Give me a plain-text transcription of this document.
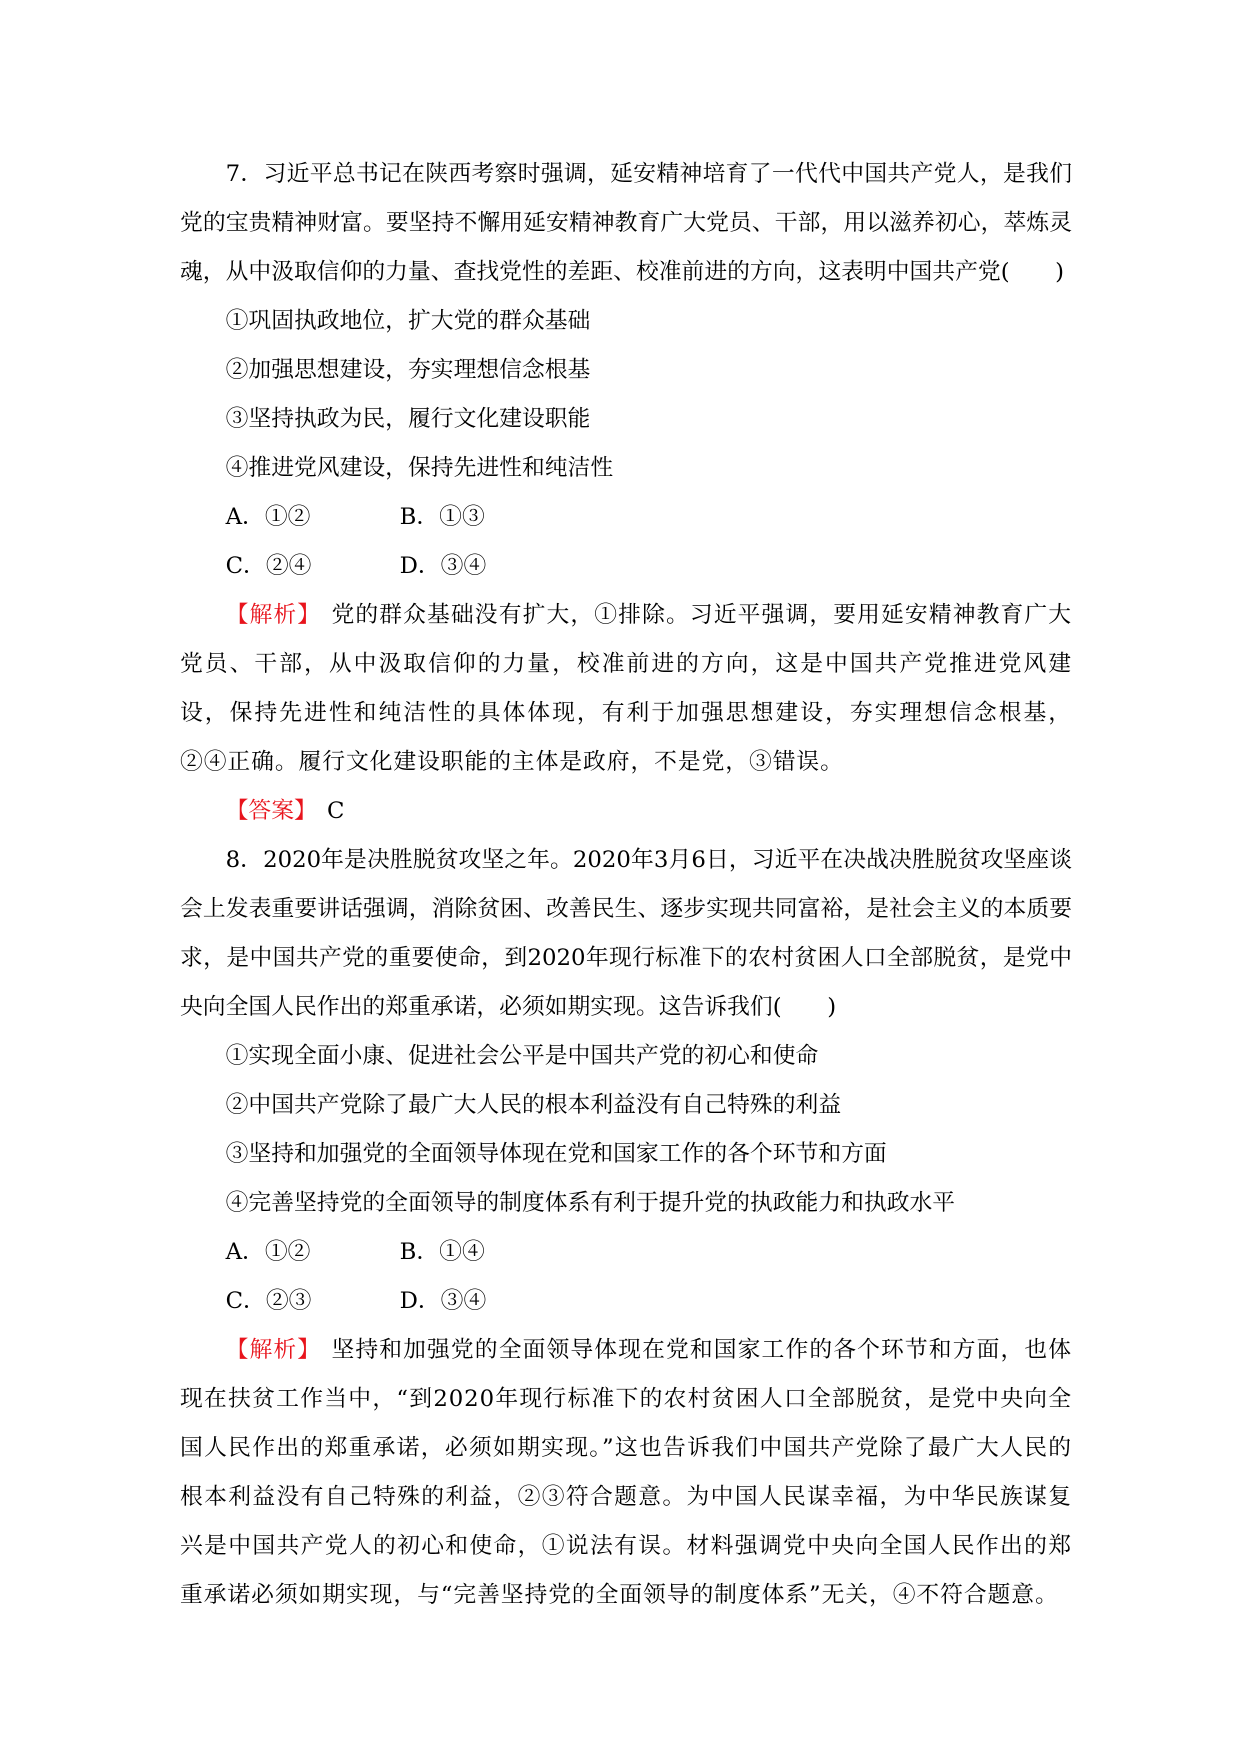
7．习近平总书记在陕西考察时强调，延安精神培育了一代代中国共产党人，是我们党的宝贵精神财富。要坚持不懈用延安精神教育广大党员、干部，用以滋养初心，萃炼灵魂，从中汲取信仰的力量、查找党性的差距、校准前进的方向，这表明中国共产党(　　)

①巩固执政地位，扩大党的群众基础

②加强思想建设，夯实理想信念根基

③坚持执政为民，履行文化建设职能

④推进党风建设，保持先进性和纯洁性

A．①②	B．①③

C．②④	D．③④

【解析】 党的群众基础没有扩大，①排除。习近平强调，要用延安精神教育广大党员、干部，从中汲取信仰的力量，校准前进的方向，这是中国共产党推进党风建设，保持先进性和纯洁性的具体体现，有利于加强思想建设，夯实理想信念根基，②④正确。履行文化建设职能的主体是政府，不是党，③错误。

【答案】 C

8．2020年是决胜脱贫攻坚之年。2020年3月6日，习近平在决战决胜脱贫攻坚座谈会上发表重要讲话强调，消除贫困、改善民生、逐步实现共同富裕，是社会主义的本质要求，是中国共产党的重要使命，到2020年现行标准下的农村贫困人口全部脱贫，是党中央向全国人民作出的郑重承诺，必须如期实现。这告诉我们(　　)

①实现全面小康、促进社会公平是中国共产党的初心和使命

②中国共产党除了最广大人民的根本利益没有自己特殊的利益

③坚持和加强党的全面领导体现在党和国家工作的各个环节和方面

④完善坚持党的全面领导的制度体系有利于提升党的执政能力和执政水平

A．①②	B．①④

C．②③	D．③④

【解析】 坚持和加强党的全面领导体现在党和国家工作的各个环节和方面，也体现在扶贫工作当中，“到2020年现行标准下的农村贫困人口全部脱贫，是党中央向全国人民作出的郑重承诺，必须如期实现。”这也告诉我们中国共产党除了最广大人民的根本利益没有自己特殊的利益，②③符合题意。为中国人民谋幸福，为中华民族谋复兴是中国共产党人的初心和使命，①说法有误。材料强调党中央向全国人民作出的郑重承诺必须如期实现，与“完善坚持党的全面领导的制度体系”无关，④不符合题意。
